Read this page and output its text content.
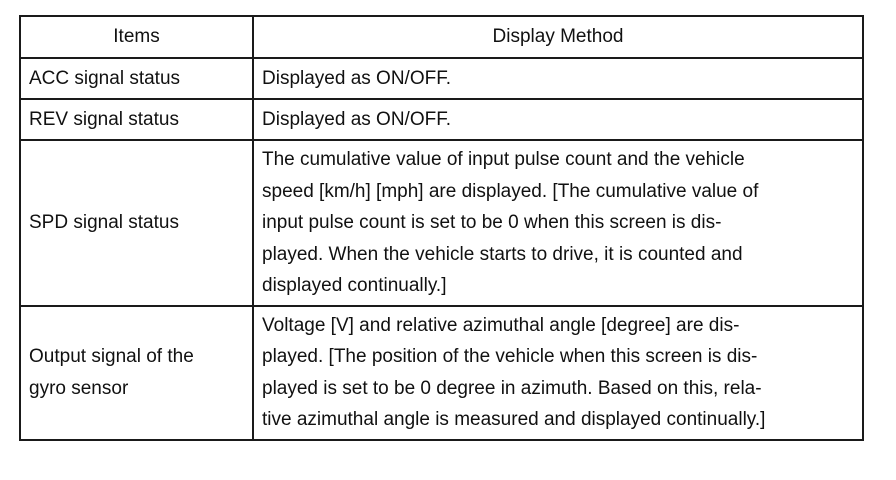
Items	Display Method

ACC signal status	Displayed as ON/OFF.

REV signal status	Displayed as ON/OFF.

SPD signal status	The cumulative value of input pulse count and the vehicle
speed [km/h] [mph] are displayed. [The cumulative value of
input pulse count is set to be 0 when this screen is dis-
played. When the vehicle starts to drive, it is counted and
displayed continually.]

Output signal of the
gyro sensor	Voltage [V] and relative azimuthal angle [degree] are dis-
played. [The position of the vehicle when this screen is dis-
played is set to be 0 degree in azimuth. Based on this, rela-
tive azimuthal angle is measured and displayed continually.]
